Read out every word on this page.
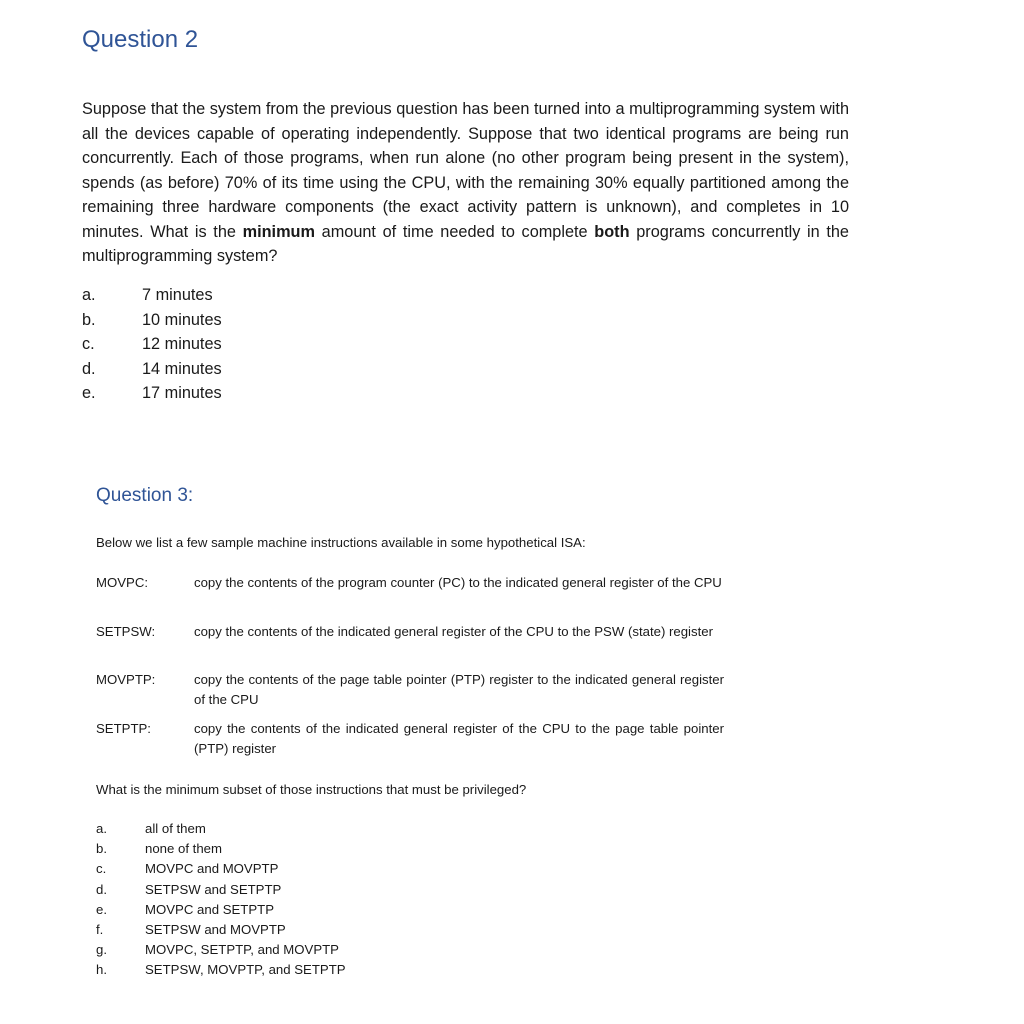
Question 2

Suppose that the system from the previous question has been turned into a multiprogramming system with all the devices capable of operating independently. Suppose that two identical programs are being run concurrently. Each of those programs, when run alone (no other program being present in the system), spends (as before) 70% of its time using the CPU, with the remaining 30% equally partitioned among the remaining three hardware components (the exact activity pattern is unknown), and completes in 10 minutes. What is the minimum amount of time needed to complete both programs concurrently in the multiprogramming system?

a.	7 minutes
b.	10 minutes
c.	12 minutes
d.	14 minutes
e.	17 minutes
Question 3:

Below we list a few sample machine instructions available in some hypothetical ISA:

MOVPC:	copy the contents of the program counter (PC) to the indicated general register of the CPU
SETPSW:	copy the contents of the indicated general register of the CPU to the PSW (state) register
MOVPTP:	copy the contents of the page table pointer (PTP) register to the indicated general register of the CPU
SETPTP:	copy the contents of the indicated general register of the CPU to the page table pointer (PTP) register

What is the minimum subset of those instructions that must be privileged?

a.	all of them
b.	none of them
c.	MOVPC and MOVPTP
d.	SETPSW and SETPTP
e.	MOVPC and SETPTP
f.	SETPSW and MOVPTP
g.	MOVPC, SETPTP, and MOVPTP
h.	SETPSW, MOVPTP, and SETPTP
